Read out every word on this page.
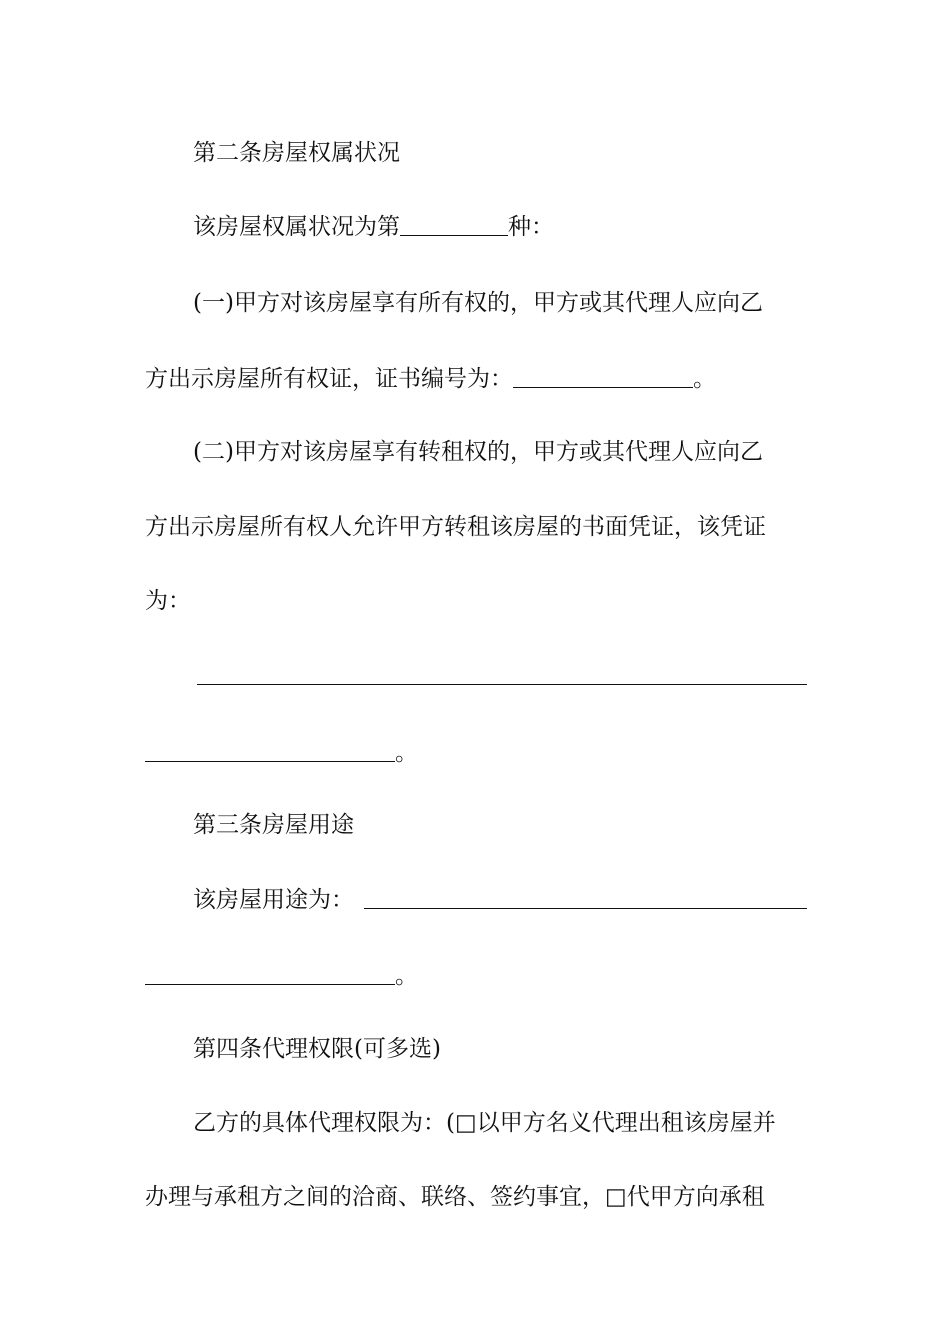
第二条房屋权属状况
该房屋权属状况为第	种：
(一)甲方对该房屋享有所有权的，甲方或其代理人应向乙
方出示房屋所有权证，证书编号为：	。
(二)甲方对该房屋享有转租权的，甲方或其代理人应向乙
方出示房屋所有权人允许甲方转租该房屋的书面凭证，该凭证
为：
。
第三条房屋用途
该房屋用途为：
。
第四条代理权限(可多选)
乙方的具体代理权限为：(□以甲方名义代理出租该房屋并
办理与承租方之间的洽商、联络、签约事宜，□代甲方向承租
